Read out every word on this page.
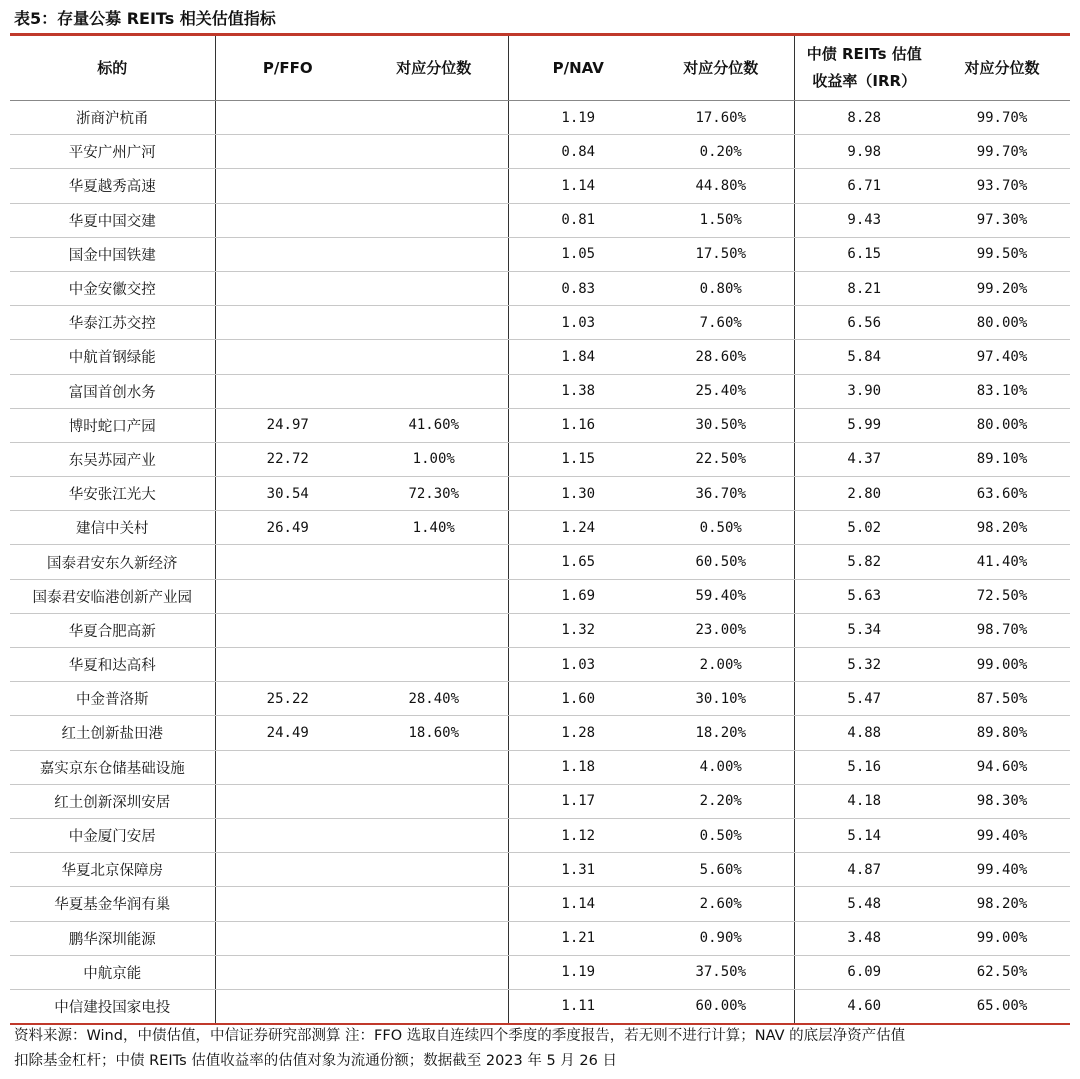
表5：存量公募 REITs 相关估值指标
标的	P/FFO	对应分位数	P/NAV	对应分位数	中债 REITs 估值
收益率（IRR）	对应分位数
浙商沪杭甬			1.19	17.60%	8.28	99.70%
平安广州广河			0.84	0.20%	9.98	99.70%
华夏越秀高速			1.14	44.80%	6.71	93.70%
华夏中国交建			0.81	1.50%	9.43	97.30%
国金中国铁建			1.05	17.50%	6.15	99.50%
中金安徽交控			0.83	0.80%	8.21	99.20%
华泰江苏交控			1.03	7.60%	6.56	80.00%
中航首钢绿能			1.84	28.60%	5.84	97.40%
富国首创水务			1.38	25.40%	3.90	83.10%
博时蛇口产园	24.97	41.60%	1.16	30.50%	5.99	80.00%
东吴苏园产业	22.72	1.00%	1.15	22.50%	4.37	89.10%
华安张江光大	30.54	72.30%	1.30	36.70%	2.80	63.60%
建信中关村	26.49	1.40%	1.24	0.50%	5.02	98.20%
国泰君安东久新经济			1.65	60.50%	5.82	41.40%
国泰君安临港创新产业园			1.69	59.40%	5.63	72.50%
华夏合肥高新			1.32	23.00%	5.34	98.70%
华夏和达高科			1.03	2.00%	5.32	99.00%
中金普洛斯	25.22	28.40%	1.60	30.10%	5.47	87.50%
红土创新盐田港	24.49	18.60%	1.28	18.20%	4.88	89.80%
嘉实京东仓储基础设施			1.18	4.00%	5.16	94.60%
红土创新深圳安居			1.17	2.20%	4.18	98.30%
中金厦门安居			1.12	0.50%	5.14	99.40%
华夏北京保障房			1.31	5.60%	4.87	99.40%
华夏基金华润有巢			1.14	2.60%	5.48	98.20%
鹏华深圳能源			1.21	0.90%	3.48	99.00%
中航京能			1.19	37.50%	6.09	62.50%
中信建投国家电投			1.11	60.00%	4.60	65.00%
资料来源：Wind，中债估值，中信证券研究部测算 注：FFO 选取自连续四个季度的季度报告，若无则不进行计算；NAV 的底层净资产估值
扣除基金杠杆；中债 REITs 估值收益率的估值对象为流通份额；数据截至 2023 年 5 月 26 日
